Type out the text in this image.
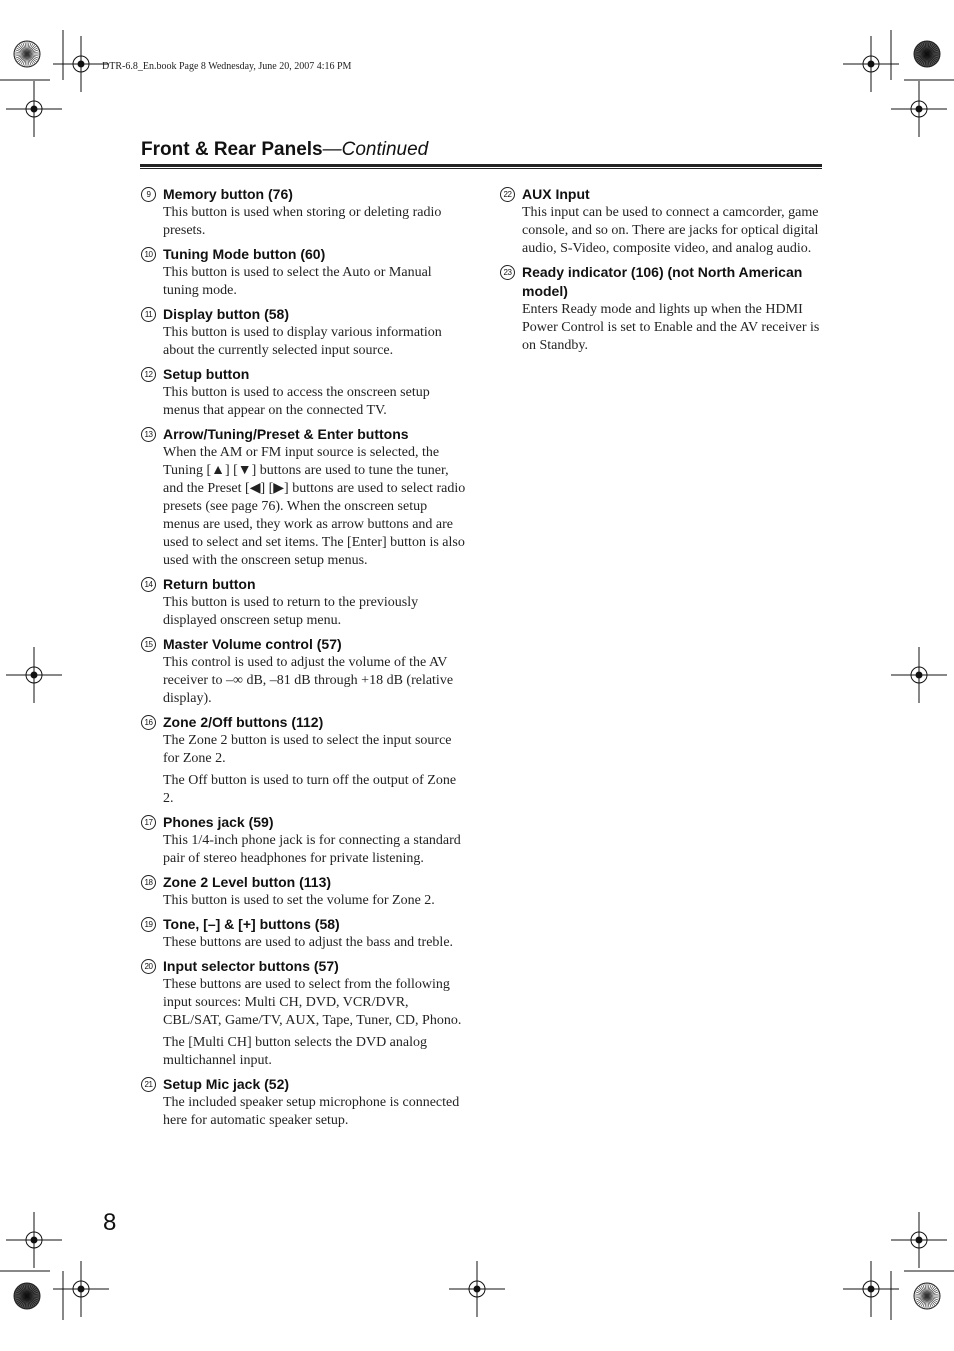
DTR-6.8_En.book Page 8 Wednesday, June 20, 2007 4:16 PM
Front & Rear Panels—Continued
9 Memory button (76)

This button is used when storing or deleting radio presets.

10 Tuning Mode button (60)

This button is used to select the Auto or Manual tuning mode.

11 Display button (58)

This button is used to display various information about the currently selected input source.

12 Setup button

This button is used to access the onscreen setup menus that appear on the connected TV.

13 Arrow/Tuning/Preset & Enter buttons

When the AM or FM input source is selected, the Tuning [▲] [▼] buttons are used to tune the tuner, and the Preset [◀] [▶] buttons are used to select radio presets (see page 76). When the onscreen setup menus are used, they work as arrow buttons and are used to select and set items. The [Enter] button is also used with the onscreen setup menus.

14 Return button

This button is used to return to the previously displayed onscreen setup menu.

15 Master Volume control (57)

This control is used to adjust the volume of the AV receiver to –∞ dB, –81 dB through +18 dB (relative display).

16 Zone 2/Off buttons (112)

The Zone 2 button is used to select the input source for Zone 2.

The Off button is used to turn off the output of Zone 2.

17 Phones jack (59)

This 1/4-inch phone jack is for connecting a standard pair of stereo headphones for private listening.

18 Zone 2 Level button (113)

This button is used to set the volume for Zone 2.

19 Tone, [–] & [+] buttons (58)

These buttons are used to adjust the bass and treble.

20 Input selector buttons (57)

These buttons are used to select from the following input sources: Multi CH, DVD, VCR/DVR, CBL/SAT, Game/TV, AUX, Tape, Tuner, CD, Phono.

The [Multi CH] button selects the DVD analog multichannel input.

21 Setup Mic jack (52)

The included speaker setup microphone is connected here for automatic speaker setup.

22 AUX Input

This input can be used to connect a camcorder, game console, and so on. There are jacks for optical digital audio, S-Video, composite video, and analog audio.

23 Ready indicator (106) (not North American model)

Enters Ready mode and lights up when the HDMI Power Control is set to Enable and the AV receiver is on Standby.

8
